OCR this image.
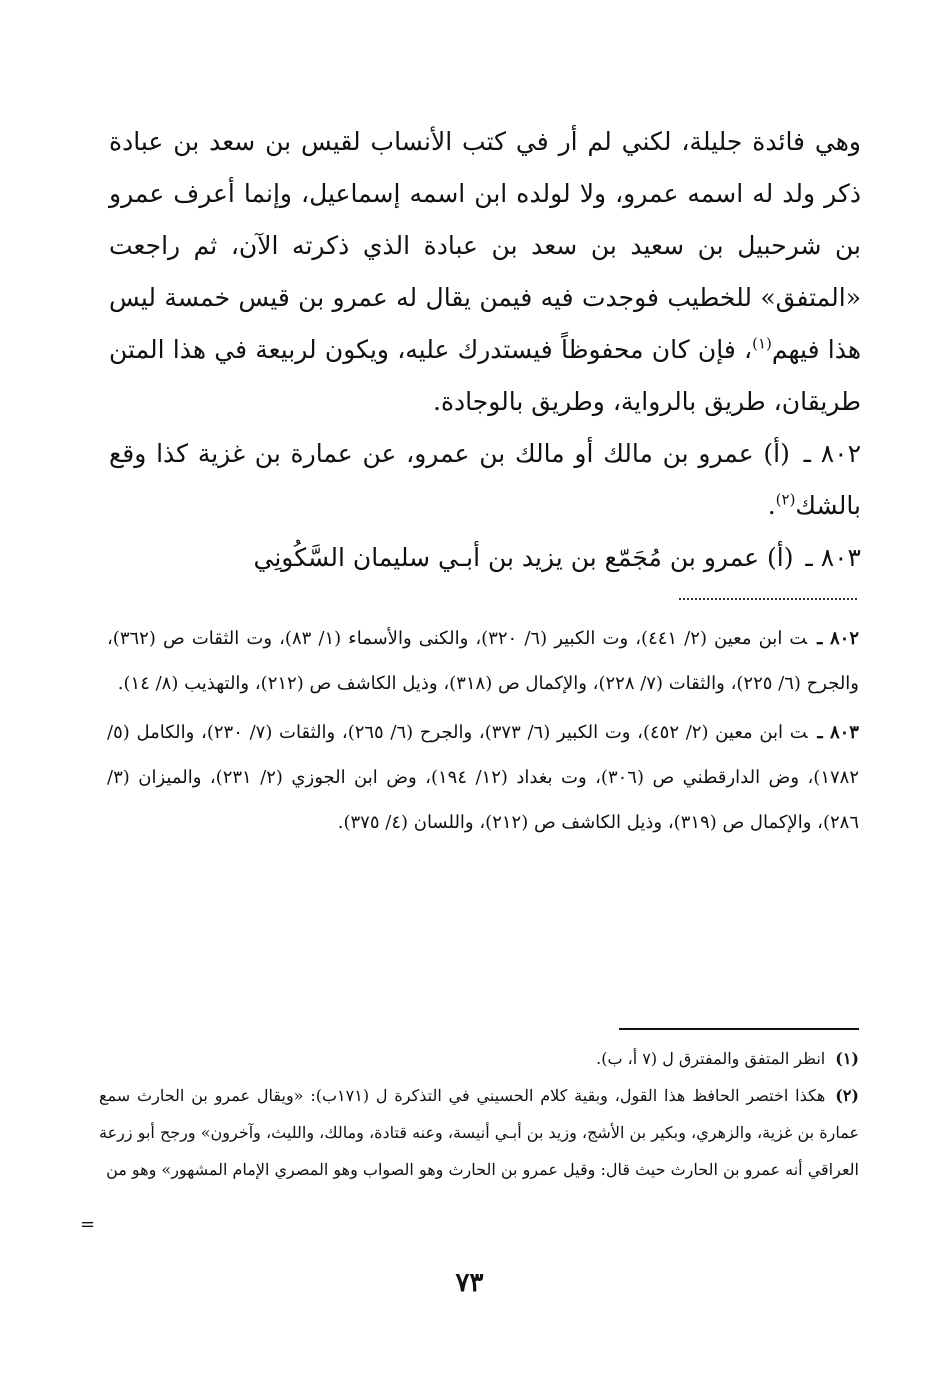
وهي فائدة جليلة، لكني لم أر في كتب الأنساب لقيس بن سعد بن عبادة ذكر ولد له اسمه عمرو، ولا لولده ابن اسمه إسماعيل، وإنما أعرف عمرو بن شرحبيل بن سعيد بن سعد بن عبادة الذي ذكرته الآن، ثم راجعت «المتفق» للخطيب فوجدت فيه فيمن يقال له عمرو بن قيس خمسة ليس هذا فيهم$^{(١)}$، فإن كان محفوظاً فيستدرك عليه، ويكون لربيعة في هذا المتن طريقان، طريق بالرواية، وطريق بالوجادة.

٨٠٢ ـ (أ) عمرو بن مالك أو مالك بن عمرو، عن عمارة بن غزية كذا وقع بالشك$^{(٢)}$.

٨٠٣ ـ (أ) عمرو بن مُجَمّع بن يزيد بن أبـي سليمان السَّكُونِي

٨٠٢ ـت ابن معين (٢/ ٤٤١)، وت الكبير (٦/ ٣٢٠)، والكنى والأسماء (١/ ٨٣)، وت الثقات ص (٣٦٢)، والجرح (٦/ ٢٢٥)، والثقات (٧/ ٢٢٨)، والإكمال ص (٣١٨)، وذيل الكاشف ص (٢١٢)، والتهذيب (٨/ ١٤).
٨٠٣ ـت ابن معين (٢/ ٤٥٢)، وت الكبير (٦/ ٣٧٣)، والجرح (٦/ ٢٦٥)، والثقات (٧/ ٢٣٠)، والكامل (٥/ ١٧٨٢)، وض الدارقطني ص (٣٠٦)، وت بغداد (١٢/ ١٩٤)، وض ابن الجوزي (٢/ ٢٣١)، والميزان (٣/ ٢٨٦)، والإكمال ص (٣١٩)، وذيل الكاشف ص (٢١٢)، واللسان (٤/ ٣٧٥).
(١)انظر المتفق والمفترق ل (٧ أ، ب).
(٢)هكذا اختصر الحافظ هذا القول، وبقية كلام الحسيني في التذكرة ل (١٧١ب): «ويقال عمرو بن الحارث سمع عمارة بن غزية، والزهري، وبكير بن الأشج، وزيد بن أبـي أنيسة، وعنه قتادة، ومالك، والليث، وآخرون» ورجح أبو زرعة العراقي أنه عمرو بن الحارث حيث قال: وقيل عمرو بن الحارث وهو الصواب وهو المصري الإمام المشهور» وهو من
=
٧٣
